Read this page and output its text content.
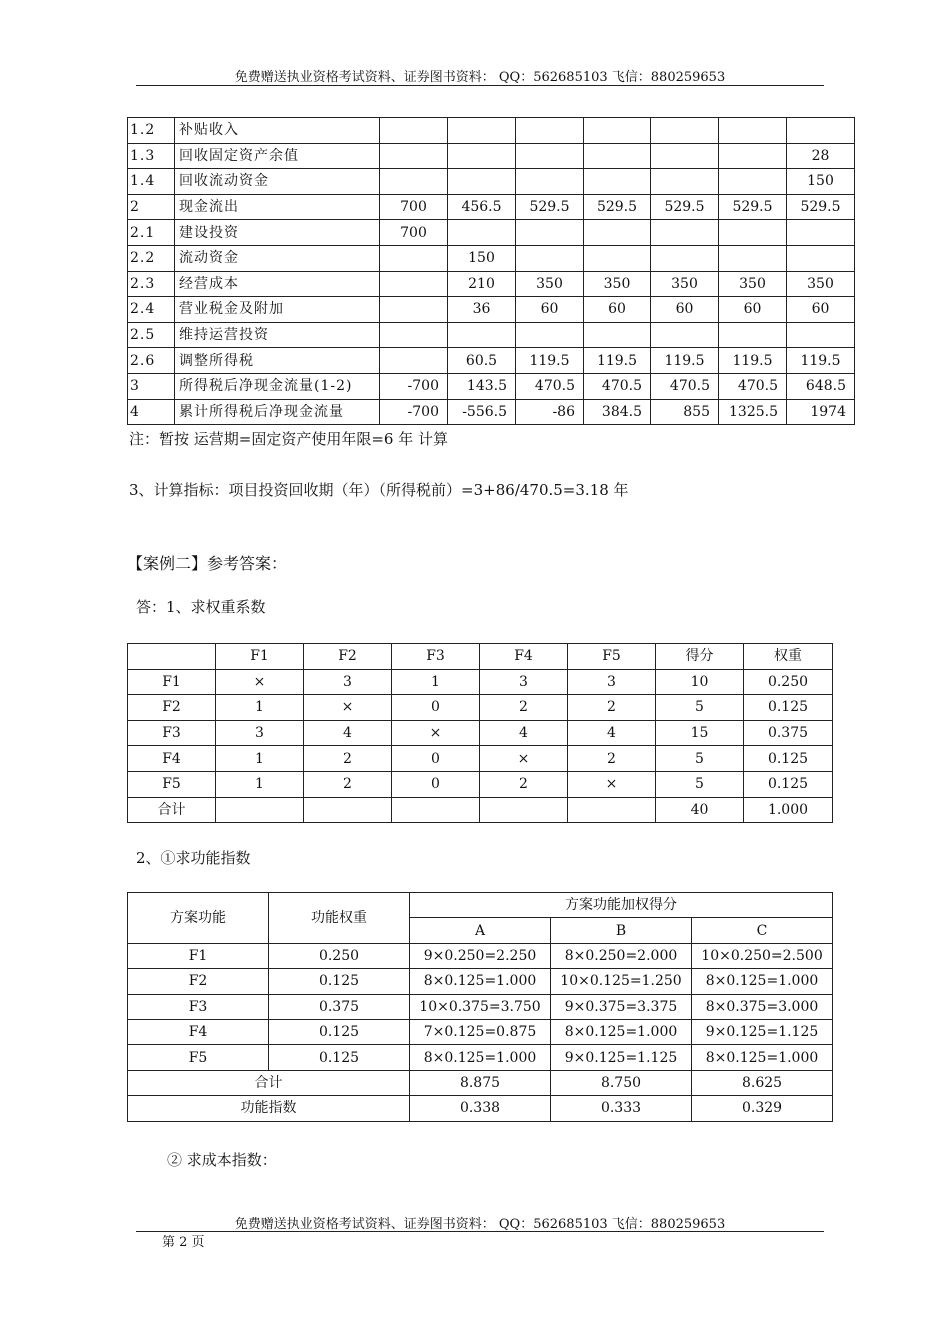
免费赠送执业资格考试资料、证券图书资料： QQ：562685103 飞信：880259653
1.2	补贴收入							
1.3	回收固定资产余值							28
1.4	回收流动资金							150
2	现金流出	700	456.5	529.5	529.5	529.5	529.5	529.5
2.1	建设投资	700						
2.2	流动资金		150					
2.3	经营成本		210	350	350	350	350	350
2.4	营业税金及附加		36	60	60	60	60	60
2.5	维持运营投资							
2.6	调整所得税		60.5	119.5	119.5	119.5	119.5	119.5
3	所得税后净现金流量(1-2)	-700	143.5	470.5	470.5	470.5	470.5	648.5
4	累计所得税后净现金流量	-700	-556.5	-86	384.5	855	1325.5	1974
注：暂按 运营期=固定资产使用年限=6 年 计算
3、计算指标：项目投资回收期（年）（所得税前）=3+86/470.5=3.18 年
【案例二】参考答案：
答：1、求权重系数
	F1	F2	F3	F4	F5	得分	权重
F1	×	3	1	3	3	10	0.250
F2	1	×	0	2	2	5	0.125
F3	3	4	×	4	4	15	0.375
F4	1	2	0	×	2	5	0.125
F5	1	2	0	2	×	5	0.125
合计						40	1.000
2、①求功能指数
方案功能	功能权重	方案功能加权得分		
		A	B	C
F1	0.250	9×0.250=2.250	8×0.250=2.000	10×0.250=2.500
F2	0.125	8×0.125=1.000	10×0.125=1.250	8×0.125=1.000
F3	0.375	10×0.375=3.750	9×0.375=3.375	8×0.375=3.000
F4	0.125	7×0.125=0.875	8×0.125=1.000	9×0.125=1.125
F5	0.125	8×0.125=1.000	9×0.125=1.125	8×0.125=1.000
合计		8.875	8.750	8.625
功能指数		0.338	0.333	0.329
② 求成本指数：
免费赠送执业资格考试资料、证券图书资料： QQ：562685103 飞信：880259653
第 2 页
